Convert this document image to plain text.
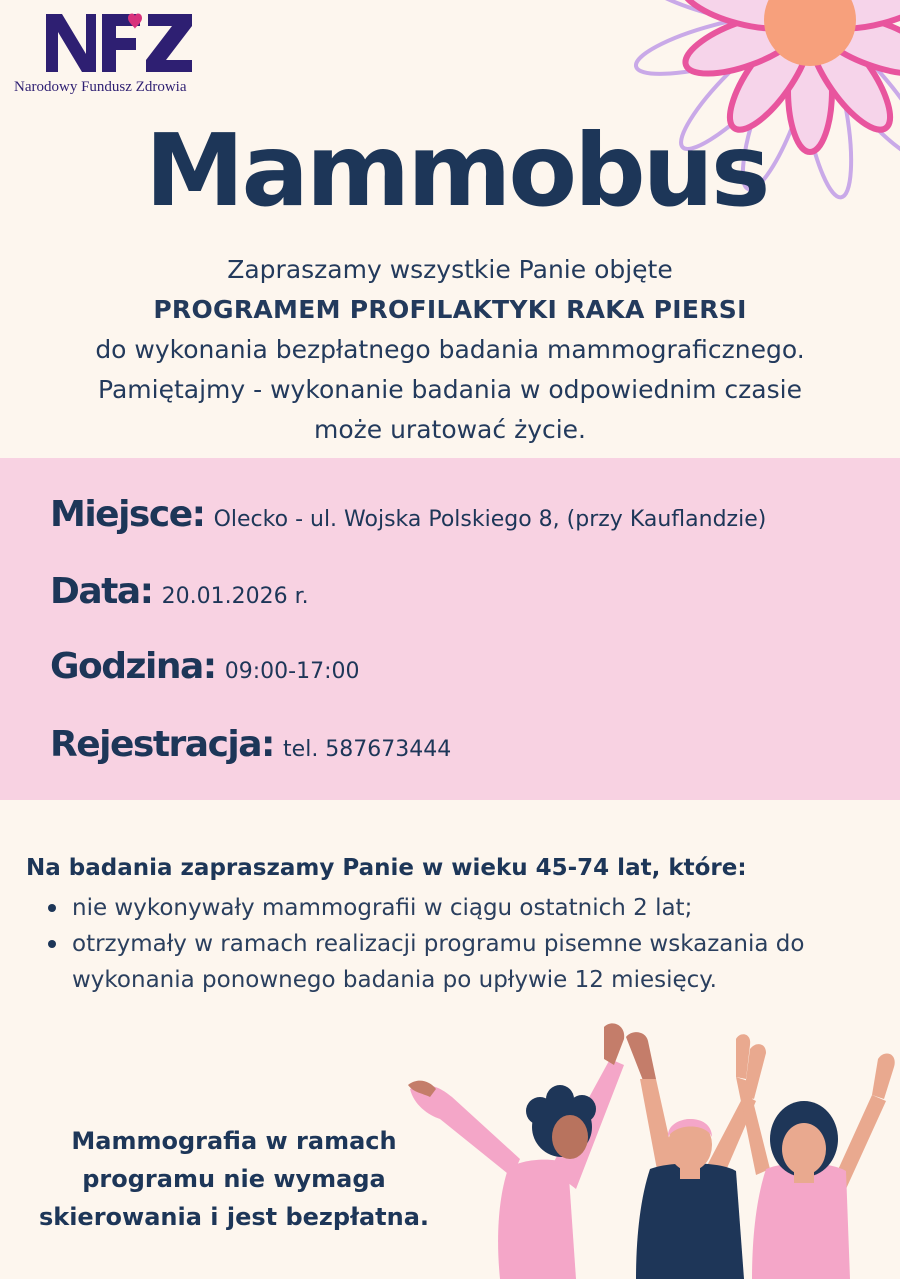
Narodowy Fundusz Zdrowia
Mammobus
Zapraszamy wszystkie Panie objęte
PROGRAMEM PROFILAKTYKI RAKA PIERSI
do wykonania bezpłatnego badania mammograficznego.
Pamiętajmy - wykonanie badania w odpowiednim czasie
może uratować życie.
Miejsce: Olecko - ul. Wojska Polskiego 8, (przy Kauflandzie)
Data: 20.01.2026 r.
Godzina: 09:00-17:00
Rejestracja: tel. 587673444
Na badania zapraszamy Panie w wieku 45-74 lat, które:
nie wykonywały mammografii w ciągu ostatnich 2 lat;
otrzymały w ramach realizacji programu pisemne wskazania do wykonania ponownego badania po upływie 12 miesięcy.
Mammografia w ramach
programu nie wymaga
skierowania i jest bezpłatna.
